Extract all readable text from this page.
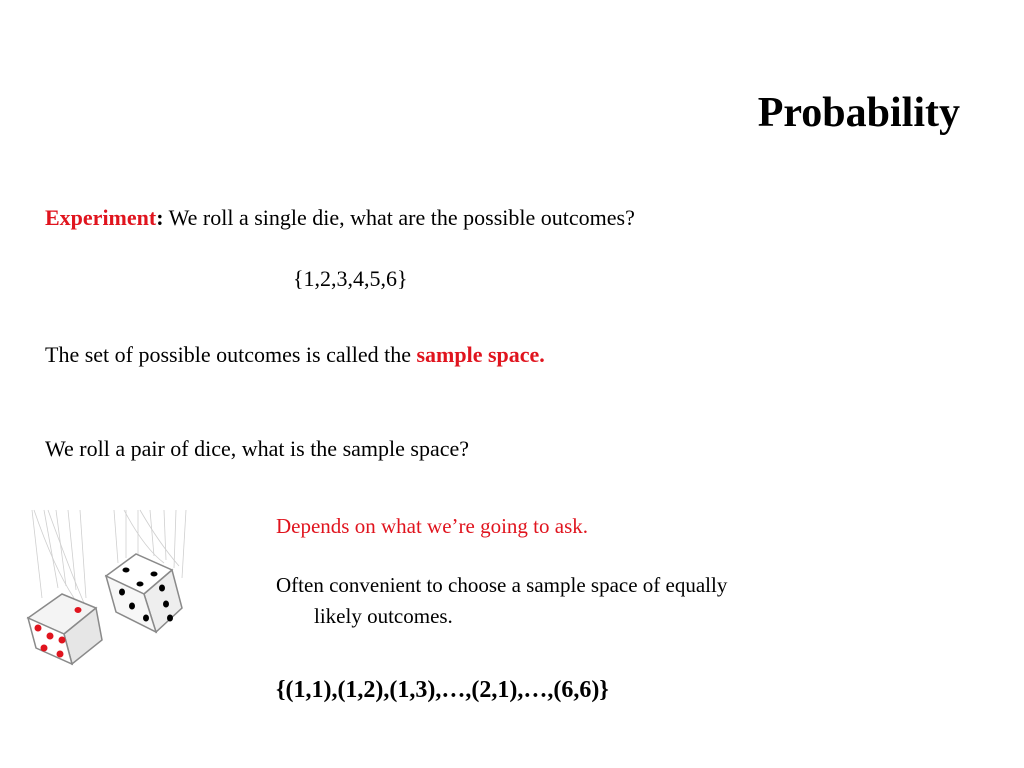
Probability
Experiment: We roll a single die, what are the possible outcomes?
{1,2,3,4,5,6}
The set of possible outcomes is called the sample space.
We roll a pair of dice, what is the sample space?
Depends on what we’re going to ask.
Often convenient to choose a sample space of equally
likely outcomes.
{(1,1),(1,2),(1,3),…,(2,1),…,(6,6)}
